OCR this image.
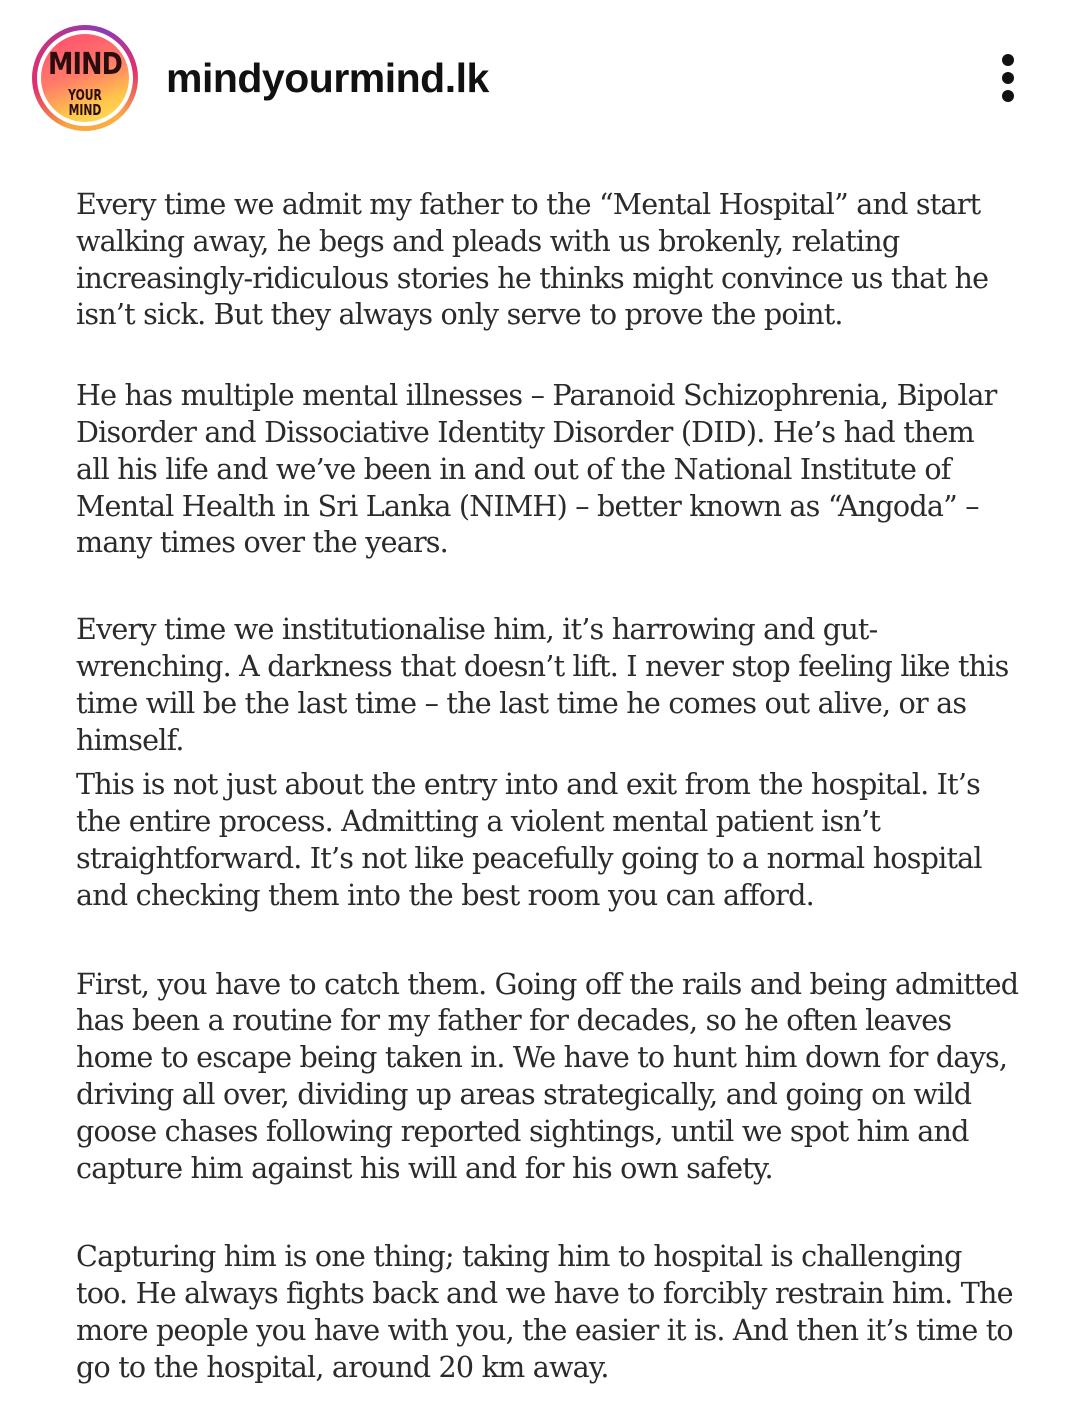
MIND
YOUR MIND
mindyourmind.lk

Every time we admit my father to the “Mental Hospital” and start
walking away, he begs and pleads with us brokenly, relating
increasingly-ridiculous stories he thinks might convince us that he
isn’t sick. But they always only serve to prove the point.

He has multiple mental illnesses – Paranoid Schizophrenia, Bipolar
Disorder and Dissociative Identity Disorder (DID). He’s had them
all his life and we’ve been in and out of the National Institute of
Mental Health in Sri Lanka (NIMH) – better known as “Angoda” –
many times over the years.

Every time we institutionalise him, it’s harrowing and gut-
wrenching. A darkness that doesn’t lift. I never stop feeling like this
time will be the last time – the last time he comes out alive, or as
himself.

This is not just about the entry into and exit from the hospital. It’s
the entire process. Admitting a violent mental patient isn’t
straightforward. It’s not like peacefully going to a normal hospital
and checking them into the best room you can afford.

First, you have to catch them. Going off the rails and being admitted
has been a routine for my father for decades, so he often leaves
home to escape being taken in. We have to hunt him down for days,
driving all over, dividing up areas strategically, and going on wild
goose chases following reported sightings, until we spot him and
capture him against his will and for his own safety.

Capturing him is one thing; taking him to hospital is challenging
too. He always fights back and we have to forcibly restrain him. The
more people you have with you, the easier it is. And then it’s time to
go to the hospital, around 20 km away.
